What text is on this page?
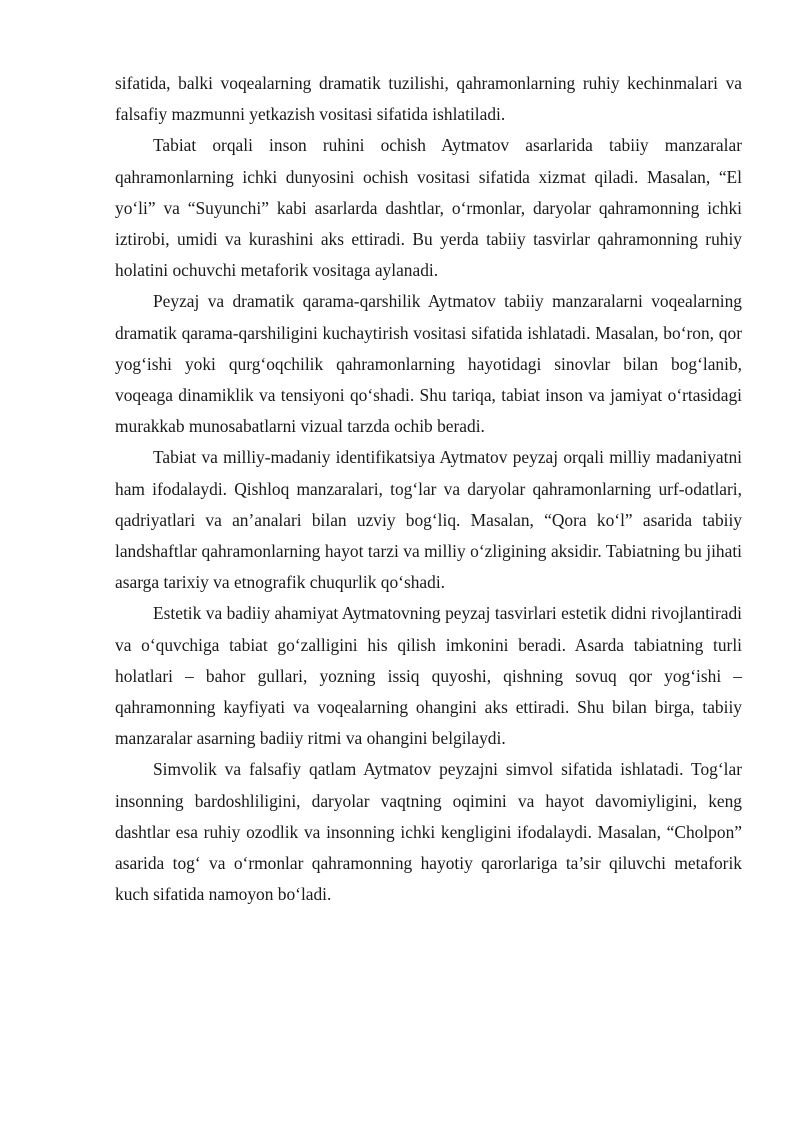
sifatida, balki voqealarning dramatik tuzilishi, qahramonlarning ruhiy kechinmalari va falsafiy mazmunni yetkazish vositasi sifatida ishlatiladi.

Tabiat orqali inson ruhini ochish Aytmatov asarlarida tabiiy manzaralar qahramonlarning ichki dunyosini ochish vositasi sifatida xizmat qiladi. Masalan, “El yo‘li” va “Suyunchi” kabi asarlarda dashtlar, o‘rmonlar, daryolar qahramonning ichki iztirobi, umidi va kurashini aks ettiradi. Bu yerda tabiiy tasvirlar qahramonning ruhiy holatini ochuvchi metaforik vositaga aylanadi.

Peyzaj va dramatik qarama-qarshilik Aytmatov tabiiy manzaralarni voqealarning dramatik qarama-qarshiligini kuchaytirish vositasi sifatida ishlatadi. Masalan, bo‘ron, qor yog‘ishi yoki qurg‘oqchilik qahramonlarning hayotidagi sinovlar bilan bog‘lanib, voqeaga dinamiklik va tensiyoni qo‘shadi. Shu tariqa, tabiat inson va jamiyat o‘rtasidagi murakkab munosabatlarni vizual tarzda ochib beradi.

Tabiat va milliy-madaniy identifikatsiya Aytmatov peyzaj orqali milliy madaniyatni ham ifodalaydi. Qishloq manzaralari, tog‘lar va daryolar qahramonlarning urf-odatlari, qadriyatlari va an’analari bilan uzviy bog‘liq. Masalan, “Qora ko‘l” asarida tabiiy landshaftlar qahramonlarning hayot tarzi va milliy o‘zligining aksidir. Tabiatning bu jihati asarga tarixiy va etnografik chuqurlik qo‘shadi.

Estetik va badiiy ahamiyat Aytmatovning peyzaj tasvirlari estetik didni rivojlantiradi va o‘quvchiga tabiat go‘zalligini his qilish imkonini beradi. Asarda tabiatning turli holatlari – bahor gullari, yozning issiq quyoshi, qishning sovuq qor yog‘ishi – qahramonning kayfiyati va voqealarning ohangini aks ettiradi. Shu bilan birga, tabiiy manzaralar asarning badiiy ritmi va ohangini belgilaydi.

Simvolik va falsafiy qatlam Aytmatov peyzajni simvol sifatida ishlatadi. Tog‘lar insonning bardoshliligini, daryolar vaqtning oqimini va hayot davomiyligini, keng dashtlar esa ruhiy ozodlik va insonning ichki kengligini ifodalaydi. Masalan, “Cholpon” asarida tog‘ va o‘rmonlar qahramonning hayotiy qarorlariga ta’sir qiluvchi metaforik kuch sifatida namoyon bo‘ladi.
